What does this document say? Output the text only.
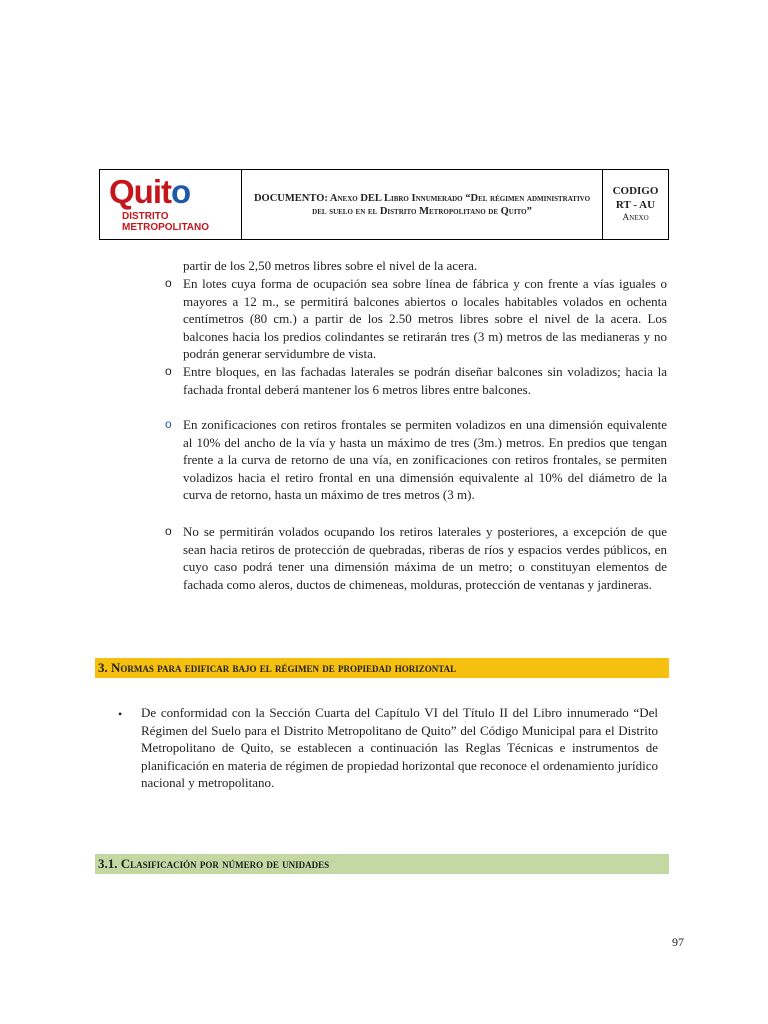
Quito
DISTRITO
METROPOLITANO
DOCUMENTO: Anexo DEL Libro Innumerado “Del régimen administrativo del suelo en el Distrito Metropolitano de Quito”
CODIGO
RT - AU
Anexo
partir de los 2,50 metros libres sobre el nivel de la acera.
o En lotes cuya forma de ocupación sea sobre línea de fábrica y con frente a vías iguales o mayores a 12 m., se permitirá balcones abiertos o locales habitables volados en ochenta centímetros (80 cm.) a partir de los 2.50 metros libres sobre el nivel de la acera. Los balcones hacia los predios colindantes se retirarán tres (3 m) metros de las medianeras y no podrán generar servidumbre de vista.
o Entre bloques, en las fachadas laterales se podrán diseñar balcones sin voladizos; hacia la fachada frontal deberá mantener los 6 metros libres entre balcones.
o En zonificaciones con retiros frontales se permiten voladizos en una dimensión equivalente al 10% del ancho de la vía y hasta un máximo de tres (3m.) metros. En predios que tengan frente a la curva de retorno de una vía, en zonificaciones con retiros frontales, se permiten voladizos hacia el retiro frontal en una dimensión equivalente al 10% del diámetro de la curva de retorno, hasta un máximo de tres metros (3 m).
o No se permitirán volados ocupando los retiros laterales y posteriores, a excepción de que sean hacia retiros de protección de quebradas, riberas de ríos y espacios verdes públicos, en cuyo caso podrá tener una dimensión máxima de un metro; o constituyan elementos de fachada como aleros, ductos de chimeneas, molduras, protección de ventanas y jardineras.
3. Normas para edificar bajo el régimen de propiedad horizontal
• De conformidad con la Sección Cuarta del Capítulo VI del Título II del Libro innumerado “Del Régimen del Suelo para el Distrito Metropolitano de Quito” del Código Municipal para el Distrito Metropolitano de Quito, se establecen a continuación las Reglas Técnicas e instrumentos de planificación en materia de régimen de propiedad horizontal que reconoce el ordenamiento jurídico nacional y metropolitano.
3.1. Clasificación por número de unidades
97
